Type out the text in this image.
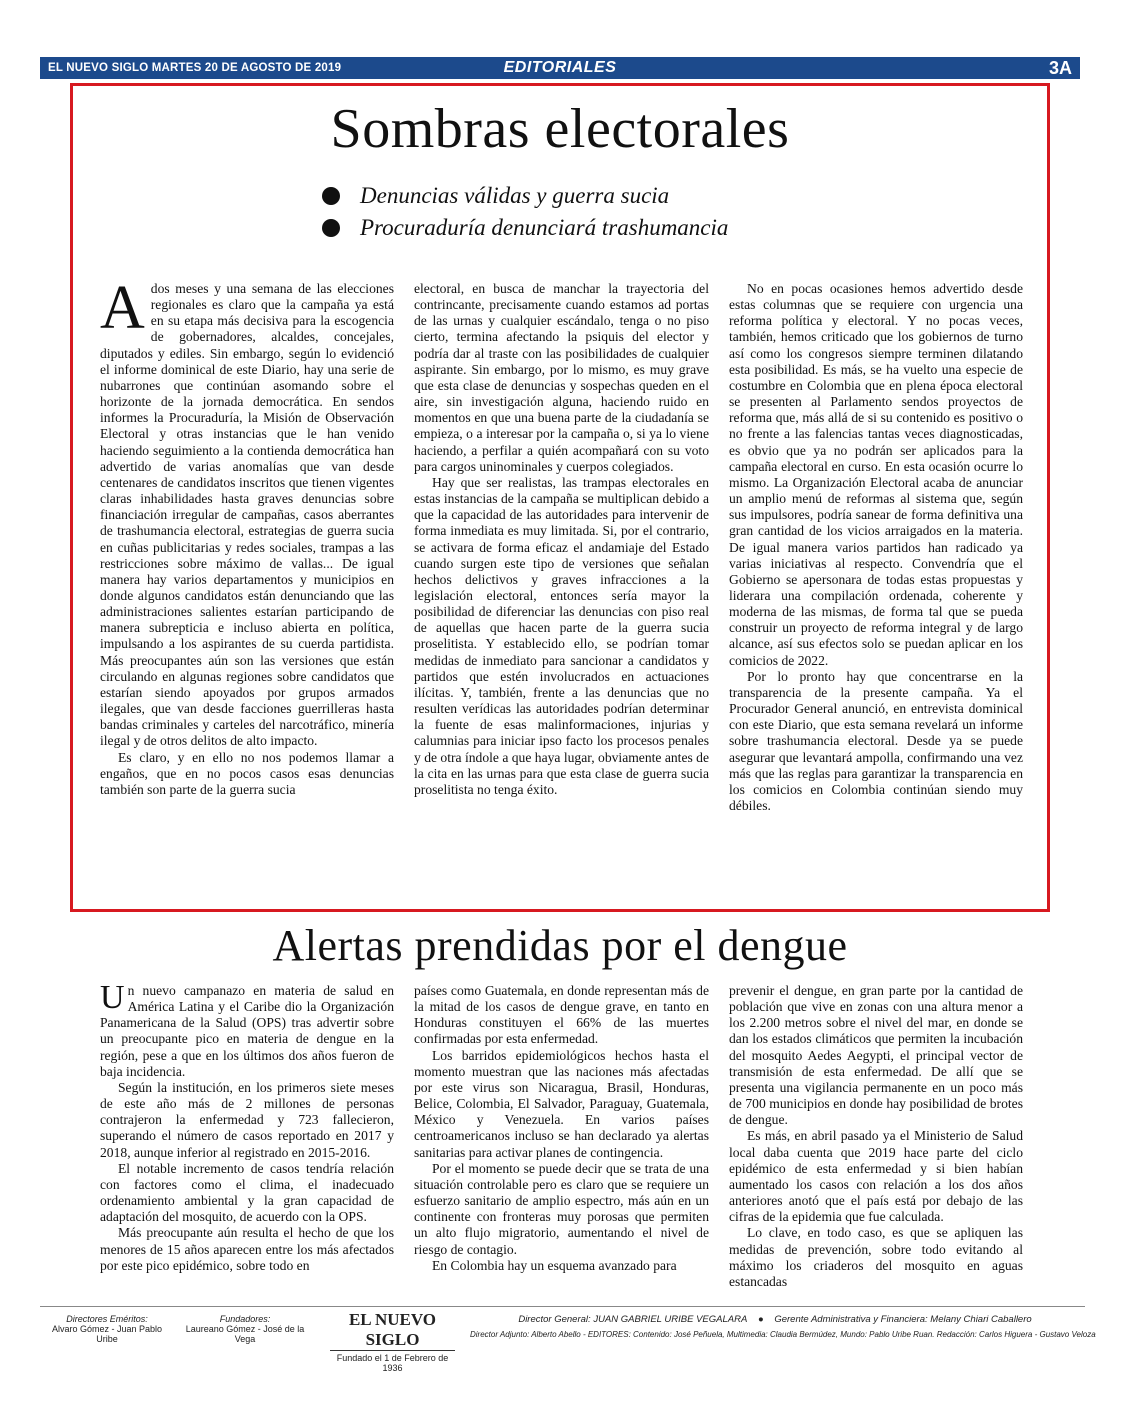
EL NUEVO SIGLO MARTES 20 DE AGOSTO DE 2019	EDITORIALES	3A
Sombras electorales
Denuncias válidas y guerra sucia
Procuraduría denunciará trashumancia

Ados meses y una semana de las elecciones regionales es claro que la campaña ya está en su etapa más decisiva para la escogencia de gobernadores, alcaldes, concejales, diputados y ediles. Sin embargo, según lo evidenció el informe dominical de este Diario, hay una serie de nubarrones que continúan asomando sobre el horizonte de la jornada democrática. En sendos informes la Procuraduría, la Misión de Observación Electoral y otras instancias que le han venido haciendo seguimiento a la contienda democrática han advertido de varias anomalías que van desde centenares de candidatos inscritos que tienen vigentes claras inhabilidades hasta graves denuncias sobre financiación irregular de campañas, casos aberrantes de trashumancia electoral, estrategias de guerra sucia en cuñas publicitarias y redes sociales, trampas a las restricciones sobre máximo de vallas... De igual manera hay varios departamentos y municipios en donde algunos candidatos están denunciando que las administraciones salientes estarían participando de manera subrepticia e incluso abierta en política, impulsando a los aspirantes de su cuerda partidista. Más preocupantes aún son las versiones que están circulando en algunas regiones sobre candidatos que estarían siendo apoyados por grupos armados ilegales, que van desde facciones guerrilleras hasta bandas criminales y carteles del narcotráfico, minería ilegal y de otros delitos de alto impacto.

Es claro, y en ello no nos podemos llamar a engaños, que en no pocos casos esas denuncias también son parte de la guerra sucia

electoral, en busca de manchar la trayectoria del contrincante, precisamente cuando estamos ad portas de las urnas y cualquier escándalo, tenga o no piso cierto, termina afectando la psiquis del elector y podría dar al traste con las posibilidades de cualquier aspirante. Sin embargo, por lo mismo, es muy grave que esta clase de denuncias y sospechas queden en el aire, sin investigación alguna, haciendo ruido en momentos en que una buena parte de la ciudadanía se empieza, o a interesar por la campaña o, si ya lo viene haciendo, a perfilar a quién acompañará con su voto para cargos uninominales y cuerpos colegiados.

Hay que ser realistas, las trampas electorales en estas instancias de la campaña se multiplican debido a que la capacidad de las autoridades para intervenir de forma inmediata es muy limitada. Si, por el contrario, se activara de forma eficaz el andamiaje del Estado cuando surgen este tipo de versiones que señalan hechos delictivos y graves infracciones a la legislación electoral, entonces sería mayor la posibilidad de diferenciar las denuncias con piso real de aquellas que hacen parte de la guerra sucia proselitista. Y establecido ello, se podrían tomar medidas de inmediato para sancionar a candidatos y partidos que estén involucrados en actuaciones ilícitas. Y, también, frente a las denuncias que no resulten verídicas las autoridades podrían determinar la fuente de esas malinformaciones, injurias y calumnias para iniciar ipso facto los procesos penales y de otra índole a que haya lugar, obviamente antes de la cita en las urnas para que esta clase de guerra sucia proselitista no tenga éxito.

No en pocas ocasiones hemos advertido desde estas columnas que se requiere con urgencia una reforma política y electoral. Y no pocas veces, también, hemos criticado que los gobiernos de turno así como los congresos siempre terminen dilatando esta posibilidad. Es más, se ha vuelto una especie de costumbre en Colombia que en plena época electoral se presenten al Parlamento sendos proyectos de reforma que, más allá de si su contenido es positivo o no frente a las falencias tantas veces diagnosticadas, es obvio que ya no podrán ser aplicados para la campaña electoral en curso. En esta ocasión ocurre lo mismo. La Organización Electoral acaba de anunciar un amplio menú de reformas al sistema que, según sus impulsores, podría sanear de forma definitiva una gran cantidad de los vicios arraigados en la materia. De igual manera varios partidos han radicado ya varias iniciativas al respecto. Convendría que el Gobierno se apersonara de todas estas propuestas y liderara una compilación ordenada, coherente y moderna de las mismas, de forma tal que se pueda construir un proyecto de reforma integral y de largo alcance, así sus efectos solo se puedan aplicar en los comicios de 2022.

Por lo pronto hay que concentrarse en la transparencia de la presente campaña. Ya el Procurador General anunció, en entrevista dominical con este Diario, que esta semana revelará un informe sobre trashumancia electoral. Desde ya se puede asegurar que levantará ampolla, confirmando una vez más que las reglas para garantizar la transparencia en los comicios en Colombia continúan siendo muy débiles.

Alertas prendidas por el dengue

Un nuevo campanazo en materia de salud en América Latina y el Caribe dio la Organización Panamericana de la Salud (OPS) tras advertir sobre un preocupante pico en materia de dengue en la región, pese a que en los últimos dos años fueron de baja incidencia.

Según la institución, en los primeros siete meses de este año más de 2 millones de personas contrajeron la enfermedad y 723 fallecieron, superando el número de casos reportado en 2017 y 2018, aunque inferior al registrado en 2015-2016.

El notable incremento de casos tendría relación con factores como el clima, el inadecuado ordenamiento ambiental y la gran capacidad de adaptación del mosquito, de acuerdo con la OPS.

Más preocupante aún resulta el hecho de que los menores de 15 años aparecen entre los más afectados por este pico epidémico, sobre todo en

países como Guatemala, en donde representan más de la mitad de los casos de dengue grave, en tanto en Honduras constituyen el 66% de las muertes confirmadas por esta enfermedad.

Los barridos epidemiológicos hechos hasta el momento muestran que las naciones más afectadas por este virus son Nicaragua, Brasil, Honduras, Belice, Colombia, El Salvador, Paraguay, Guatemala, México y Venezuela. En varios países centroamericanos incluso se han declarado ya alertas sanitarias para activar planes de contingencia.

Por el momento se puede decir que se trata de una situación controlable pero es claro que se requiere un esfuerzo sanitario de amplio espectro, más aún en un continente con fronteras muy porosas que permiten un alto flujo migratorio, aumentando el nivel de riesgo de contagio.

En Colombia hay un esquema avanzado para

prevenir el dengue, en gran parte por la cantidad de población que vive en zonas con una altura menor a los 2.200 metros sobre el nivel del mar, en donde se dan los estados climáticos que permiten la incubación del mosquito Aedes Aegypti, el principal vector de transmisión de esta enfermedad. De allí que se presenta una vigilancia permanente en un poco más de 700 municipios en donde hay posibilidad de brotes de dengue.

Es más, en abril pasado ya el Ministerio de Salud local daba cuenta que 2019 hace parte del ciclo epidémico de esta enfermedad y si bien habían aumentado los casos con relación a los dos años anteriores anotó que el país está por debajo de las cifras de la epidemia que fue calculada.

Lo clave, en todo caso, es que se apliquen las medidas de prevención, sobre todo evitando al máximo los criaderos del mosquito en aguas estancadas

Directores Eméritos:
Alvaro Gómez - Juan Pablo Uribe
Fundadores:
Laureano Gómez - José de la Vega
EL NUEVO SIGLO
Fundado el 1 de Febrero de 1936
Director General: JUAN GABRIEL URIBE VEGALARA ● Gerente Administrativa y Financiera: Melany Chiari Caballero
Director Adjunto: Alberto Abello - EDITORES: Contenido: José Peñuela, Multimedia: Claudia Bermúdez, Mundo: Pablo Uribe Ruan. Redacción: Carlos Higuera - Gustavo Veloza
